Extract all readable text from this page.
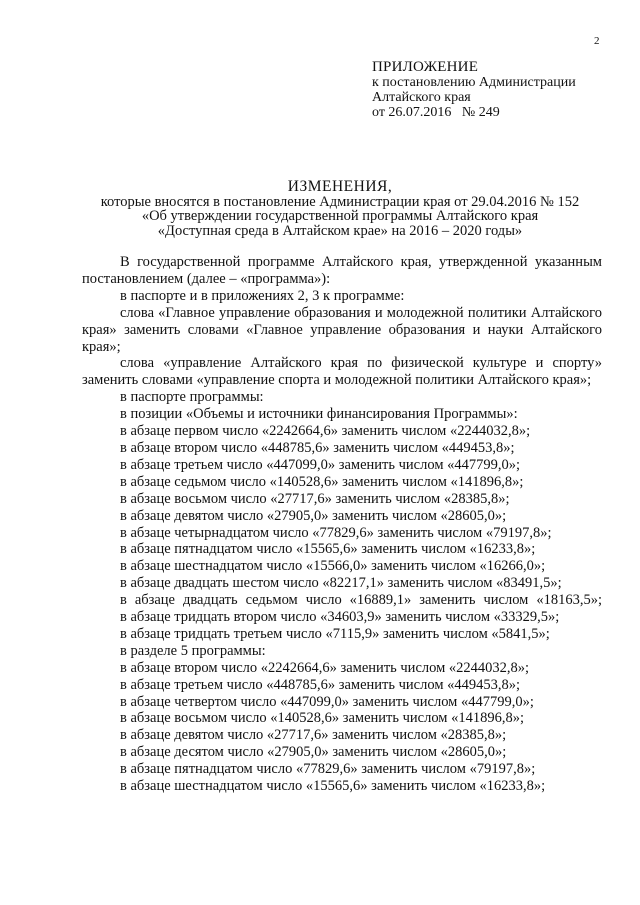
2
ПРИЛОЖЕНИЕ
к постановлению Администрации
Алтайского края
от 26.07.2016   № 249
ИЗМЕНЕНИЯ,
которые вносятся в постановление Администрации края от 29.04.2016 № 152
«Об утверждении государственной программы Алтайского края
«Доступная среда в Алтайском крае» на 2016 – 2020 годы»

В государственной программе Алтайского края, утвержденной указанным постановлением (далее – «программа»):

в паспорте и в приложениях 2, 3 к программе:

слова «Главное управление образования и молодежной политики Алтайского края» заменить словами «Главное управление образования и науки Алтайского края»;

слова «управление Алтайского края по физической культуре и спорту» заменить словами «управление спорта и молодежной политики Алтайского края»;

в паспорте программы:

в позиции «Объемы и источники финансирования Программы»:

в абзаце первом число «2242664,6» заменить числом «2244032,8»;

в абзаце втором число «448785,6» заменить числом «449453,8»;

в абзаце третьем число «447099,0» заменить числом «447799,0»;

в абзаце седьмом число «140528,6» заменить числом «141896,8»;

в абзаце восьмом число «27717,6» заменить числом «28385,8»;

в абзаце девятом число «27905,0» заменить числом «28605,0»;

в абзаце четырнадцатом число «77829,6» заменить числом «79197,8»;

в абзаце пятнадцатом число «15565,6» заменить числом «16233,8»;

в абзаце шестнадцатом число «15566,0» заменить числом «16266,0»;

в абзаце двадцать шестом число «82217,1» заменить числом «83491,5»;

в абзаце двадцать седьмом число «16889,1» заменить числом «18163,5»;

в абзаце тридцать втором число «34603,9» заменить числом «33329,5»;

в абзаце тридцать третьем число «7115,9» заменить числом «5841,5»;

в разделе 5 программы:

в абзаце втором число «2242664,6» заменить числом «2244032,8»;

в абзаце третьем число «448785,6» заменить числом «449453,8»;

в абзаце четвертом число «447099,0» заменить числом «447799,0»;

в абзаце восьмом число «140528,6» заменить числом «141896,8»;

в абзаце девятом число «27717,6» заменить числом «28385,8»;

в абзаце десятом число «27905,0» заменить числом «28605,0»;

в абзаце пятнадцатом число «77829,6» заменить числом «79197,8»;

в абзаце шестнадцатом число «15565,6» заменить числом «16233,8»;
